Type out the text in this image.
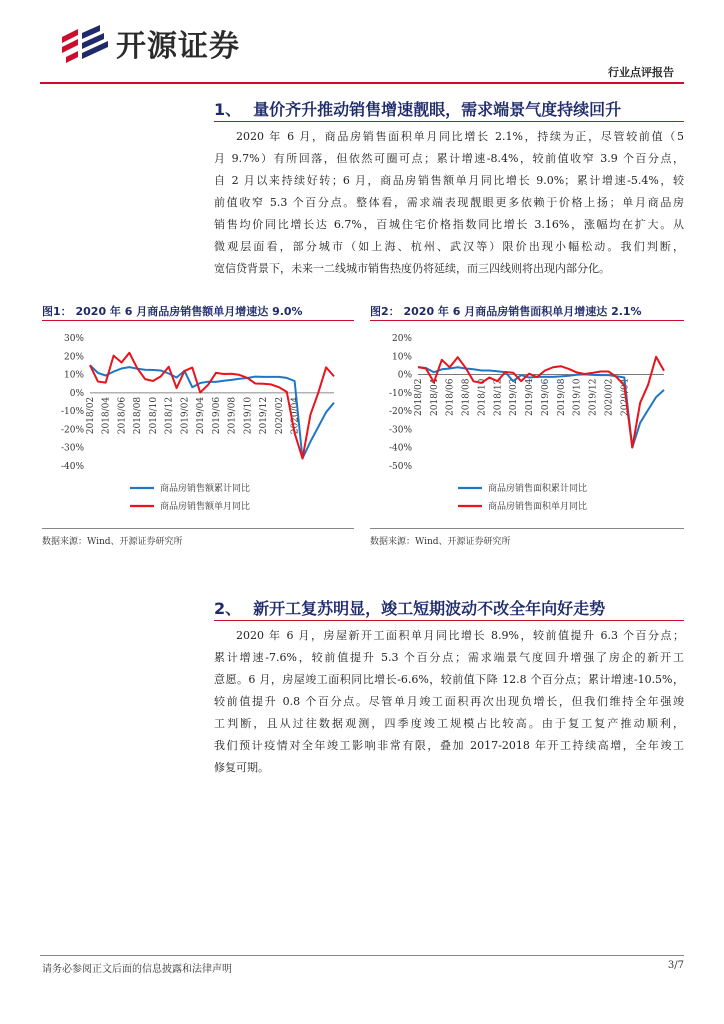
开源证券
行业点评报告
1、 量价齐升推动销售增速靓眼，需求端景气度持续回升
2020 年 6 月，商品房销售面积单月同比增长 2.1%，持续为正，尽管较前值（5
月 9.7%）有所回落，但依然可圈可点；累计增速-8.4%，较前值收窄 3.9 个百分点，
自 2 月以来持续好转；6 月，商品房销售额单月同比增长 9.0%；累计增速-5.4%，较
前值收窄 5.3 个百分点。整体看，需求端表现靓眼更多依赖于价格上扬；单月商品房
销售均价同比增长达 6.7%，百城住宅价格指数同比增长 3.16%，涨幅均在扩大。从
微观层面看，部分城市（如上海、杭州、武汉等）限价出现小幅松动。我们判断，
宽信贷背景下，未来一二线城市销售热度仍将延续，而三四线则将出现内部分化。
图1： 2020 年 6 月商品房销售额单月增速达 9.0%	图2： 2020 年 6 月商品房销售面积单月增速达 2.1%
30%
20%
10%
0%
-10%
-20%
-30%
-40%
2018/02 2018/04 2018/06 2018/08 2018/10 2018/12 2019/02 2019/04 2019/06 2019/08 2019/10 2019/12 2020/02 2020/04
商品房销售额累计同比
商品房销售额单月同比
20%
10%
0%
-10%
-20%
-30%
-40%
-50%
2018/02 2018/04 2018/06 2018/08 2018/10 2018/12 2019/02 2019/04 2019/06 2019/08 2019/10 2019/12 2020/02 2020/04
商品房销售面积累计同比
商品房销售面积单月同比
数据来源：Wind、开源证券研究所	数据来源：Wind、开源证券研究所
2、 新开工复苏明显，竣工短期波动不改全年向好走势
2020 年 6 月，房屋新开工面积单月同比增长 8.9%，较前值提升 6.3 个百分点；
累计增速-7.6%，较前值提升 5.3 个百分点；需求端景气度回升增强了房企的新开工
意愿。6 月，房屋竣工面积同比增长-6.6%，较前值下降 12.8 个百分点；累计增速-10.5%，
较前值提升 0.8 个百分点。尽管单月竣工面积再次出现负增长，但我们维持全年强竣
工判断，且从过往数据观测，四季度竣工规模占比较高。由于复工复产推动顺利，
我们预计疫情对全年竣工影响非常有限，叠加 2017-2018 年开工持续高增，全年竣工
修复可期。
请务必参阅正文后面的信息披露和法律声明	3/7
